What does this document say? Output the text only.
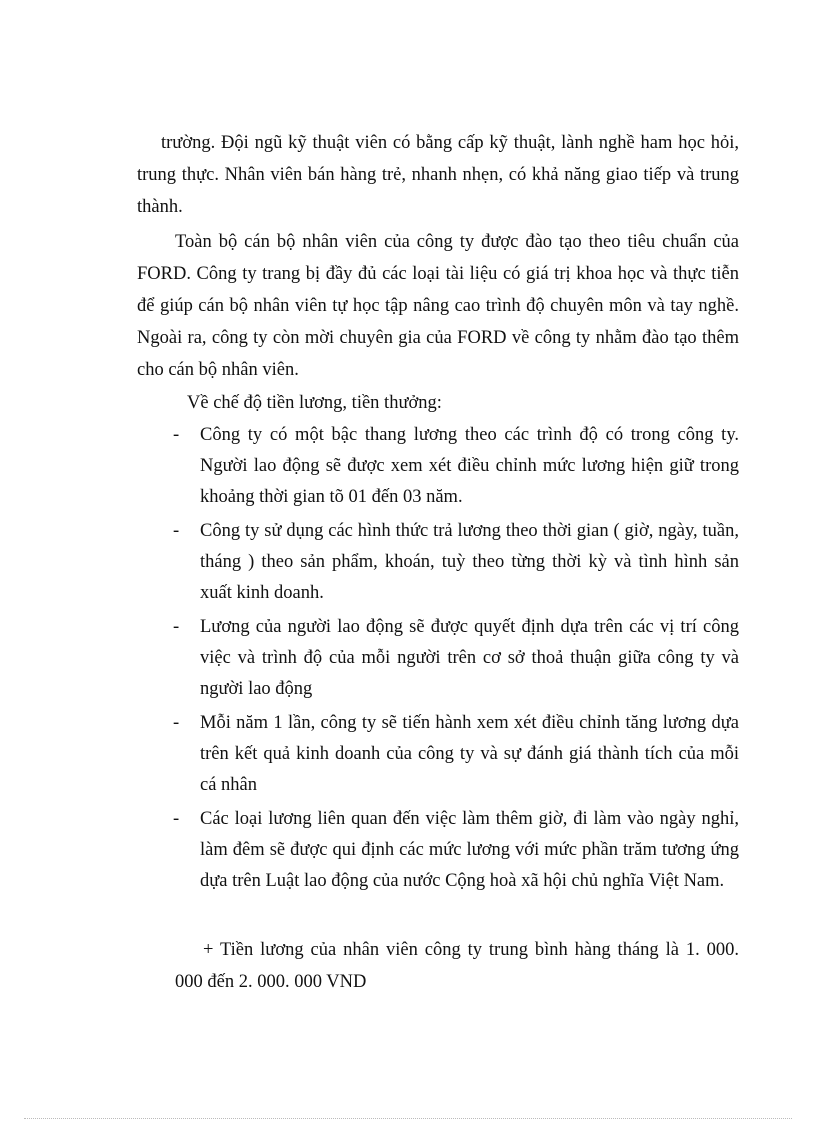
trường. Đội ngũ kỹ thuật viên có bằng cấp kỹ thuật, lành nghề ham học hỏi, trung thực. Nhân viên bán hàng trẻ, nhanh nhẹn, có khả năng giao tiếp và trung thành.

Toàn bộ cán bộ nhân viên của công ty được đào tạo theo tiêu chuẩn của FORD. Công ty trang bị đầy đủ các loại tài liệu có giá trị khoa học và thực tiễn để giúp cán bộ nhân viên tự học tập nâng cao trình độ chuyên môn và tay nghề. Ngoài ra, công ty còn mời chuyên gia của FORD về công ty nhằm đào tạo thêm cho cán bộ nhân viên.

Về chế độ tiền lương, tiền thưởng:

- Công ty có một bậc thang lương theo các trình độ có trong công ty. Người lao động sẽ được xem xét điều chỉnh mức lương hiện giữ trong khoảng thời gian tõ 01 đến 03 năm.
- Công ty sử dụng các hình thức trả lương theo thời gian ( giờ, ngày, tuần, tháng ) theo sản phẩm, khoán, tuỳ theo từng thời kỳ và tình hình sản xuất kinh doanh.
- Lương của người lao động sẽ được quyết định dựa trên các vị trí công việc và trình độ của mỗi người trên cơ sở thoả thuận giữa công ty và người lao động
- Mỗi năm 1 lần, công ty sẽ tiến hành xem xét điều chỉnh tăng lương dựa trên kết quả kinh doanh của công ty và sự đánh giá thành tích của mỗi cá nhân
- Các loại lương liên quan đến việc làm thêm giờ, đi làm vào ngày nghỉ, làm đêm sẽ được qui định các mức lương với mức phần trăm tương ứng dựa trên Luật lao động của nước Cộng hoà xã hội chủ nghĩa Việt Nam.

+ Tiền lương của nhân viên công ty trung bình hàng tháng là 1. 000. 000 đến 2. 000. 000 VND
